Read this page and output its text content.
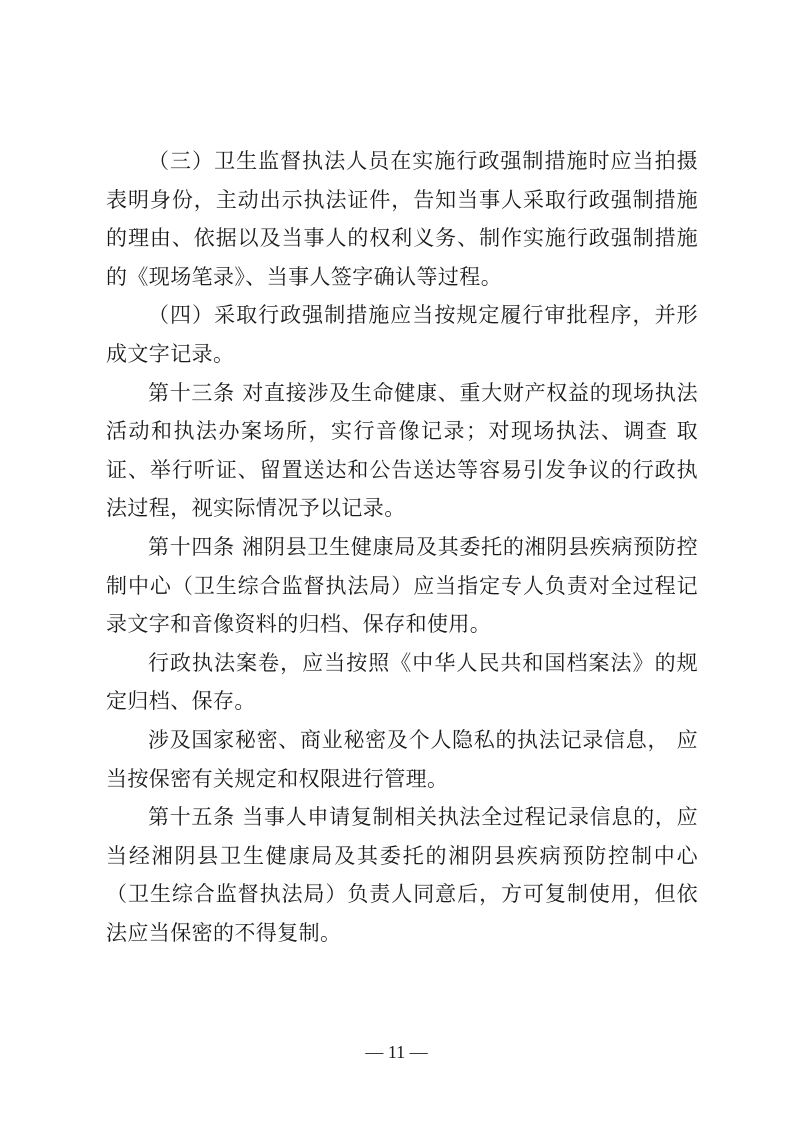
（三）卫生监督执法人员在实施行政强制措施时应当拍摄表明身份，主动出示执法证件，告知当事人采取行政强制措施的理由、依据以及当事人的权利义务、制作实施行政强制措施的《现场笔录》、当事人签字确认等过程。

（四）采取行政强制措施应当按规定履行审批程序，并形成文字记录。

第十三条 对直接涉及生命健康、重大财产权益的现场执法活动和执法办案场所，实行音像记录；对现场执法、调查 取证、举行听证、留置送达和公告送达等容易引发争议的行政执法过程，视实际情况予以记录。

第十四条 湘阴县卫生健康局及其委托的湘阴县疾病预防控制中心（卫生综合监督执法局）应当指定专人负责对全过程记录文字和音像资料的归档、保存和使用。

行政执法案卷，应当按照《中华人民共和国档案法》的规定归档、保存。

涉及国家秘密、商业秘密及个人隐私的执法记录信息， 应当按保密有关规定和权限进行管理。

第十五条 当事人申请复制相关执法全过程记录信息的，应当经湘阴县卫生健康局及其委托的湘阴县疾病预防控制中心（卫生综合监督执法局）负责人同意后，方可复制使用，但依法应当保密的不得复制。

— 11 —
